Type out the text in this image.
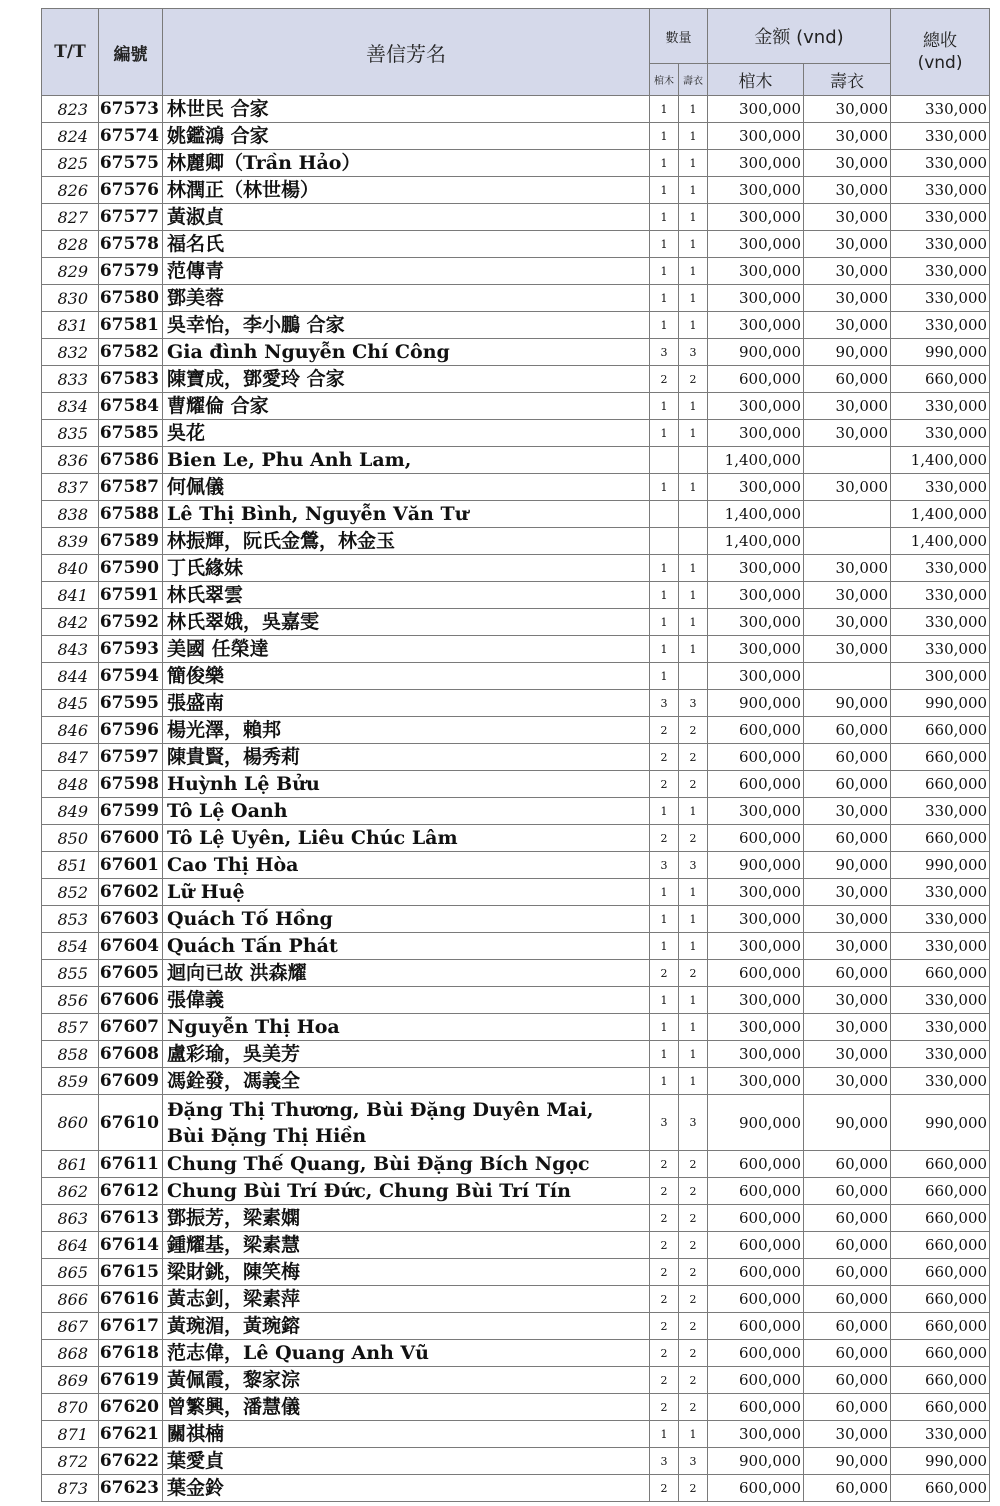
T/T	編號	善信芳名	數量		金额 (vnd)		總收
(vnd)

			棺木	壽衣	棺木	壽衣	
823	67573	林世民 合家	1	1	300,000	30,000	330,000
824	67574	姚鑑鴻 合家	1	1	300,000	30,000	330,000
825	67575	林麗卿（Trần Hảo）	1	1	300,000	30,000	330,000
826	67576	林潤正（林世楊）	1	1	300,000	30,000	330,000
827	67577	黃淑貞	1	1	300,000	30,000	330,000
828	67578	福名氏	1	1	300,000	30,000	330,000
829	67579	范傳青	1	1	300,000	30,000	330,000
830	67580	鄧美蓉	1	1	300,000	30,000	330,000
831	67581	吳幸怡，李小鵬 合家	1	1	300,000	30,000	330,000
832	67582	Gia đình Nguyễn Chí Công	3	3	900,000	90,000	990,000
833	67583	陳寶成，鄧愛玲 合家	2	2	600,000	60,000	660,000
834	67584	曹耀倫 合家	1	1	300,000	30,000	330,000
835	67585	吳花	1	1	300,000	30,000	330,000
836	67586	Bien Le, Phu Anh Lam,			1,400,000		1,400,000
837	67587	何佩儀	1	1	300,000	30,000	330,000
838	67588	Lê Thị Bình, Nguyễn Văn Tư			1,400,000		1,400,000
839	67589	林振輝，阮氏金鶯，林金玉			1,400,000		1,400,000
840	67590	丁氏緣妹	1	1	300,000	30,000	330,000
841	67591	林氏翠雲	1	1	300,000	30,000	330,000
842	67592	林氏翠娥，吳嘉雯	1	1	300,000	30,000	330,000
843	67593	美國 任榮達	1	1	300,000	30,000	330,000
844	67594	簡俊樂	1		300,000		300,000
845	67595	張盛南	3	3	900,000	90,000	990,000
846	67596	楊光澤，賴邦	2	2	600,000	60,000	660,000
847	67597	陳貴賢，楊秀莉	2	2	600,000	60,000	660,000
848	67598	Huỳnh Lệ Bửu	2	2	600,000	60,000	660,000
849	67599	Tô Lệ Oanh	1	1	300,000	30,000	330,000
850	67600	Tô Lệ Uyên, Liêu Chúc Lâm	2	2	600,000	60,000	660,000
851	67601	Cao Thị Hòa	3	3	900,000	90,000	990,000
852	67602	Lữ Huệ	1	1	300,000	30,000	330,000
853	67603	Quách Tố Hồng	1	1	300,000	30,000	330,000
854	67604	Quách Tấn Phát	1	1	300,000	30,000	330,000
855	67605	迴向已故 洪森耀	2	2	600,000	60,000	660,000
856	67606	張偉義	1	1	300,000	30,000	330,000
857	67607	Nguyễn Thị Hoa	1	1	300,000	30,000	330,000
858	67608	盧彩瑜，吳美芳	1	1	300,000	30,000	330,000
859	67609	馮銓發，馮義全	1	1	300,000	30,000	330,000
860	67610	Đặng Thị Thương, Bùi Đặng Duyên Mai,
Bùi Đặng Thị Hiền	3	3	900,000	90,000	990,000
861	67611	Chung Thế Quang, Bùi Đặng Bích Ngọc	2	2	600,000	60,000	660,000
862	67612	Chung Bùi Trí Đức, Chung Bùi Trí Tín	2	2	600,000	60,000	660,000
863	67613	鄧振芳，梁素嫻	2	2	600,000	60,000	660,000
864	67614	鍾耀基，梁素慧	2	2	600,000	60,000	660,000
865	67615	梁財銚，陳笑梅	2	2	600,000	60,000	660,000
866	67616	黃志釗，梁素萍	2	2	600,000	60,000	660,000
867	67617	黃琬湄，黃琬鎔	2	2	600,000	60,000	660,000
868	67618	范志偉，Lê Quang Anh Vũ	2	2	600,000	60,000	660,000
869	67619	黃佩霞，黎家淙	2	2	600,000	60,000	660,000
870	67620	曾繁興，潘慧儀	2	2	600,000	60,000	660,000
871	67621	關祺楠	1	1	300,000	30,000	330,000
872	67622	葉愛貞	3	3	900,000	90,000	990,000
873	67623	葉金鈴	2	2	600,000	60,000	660,000
